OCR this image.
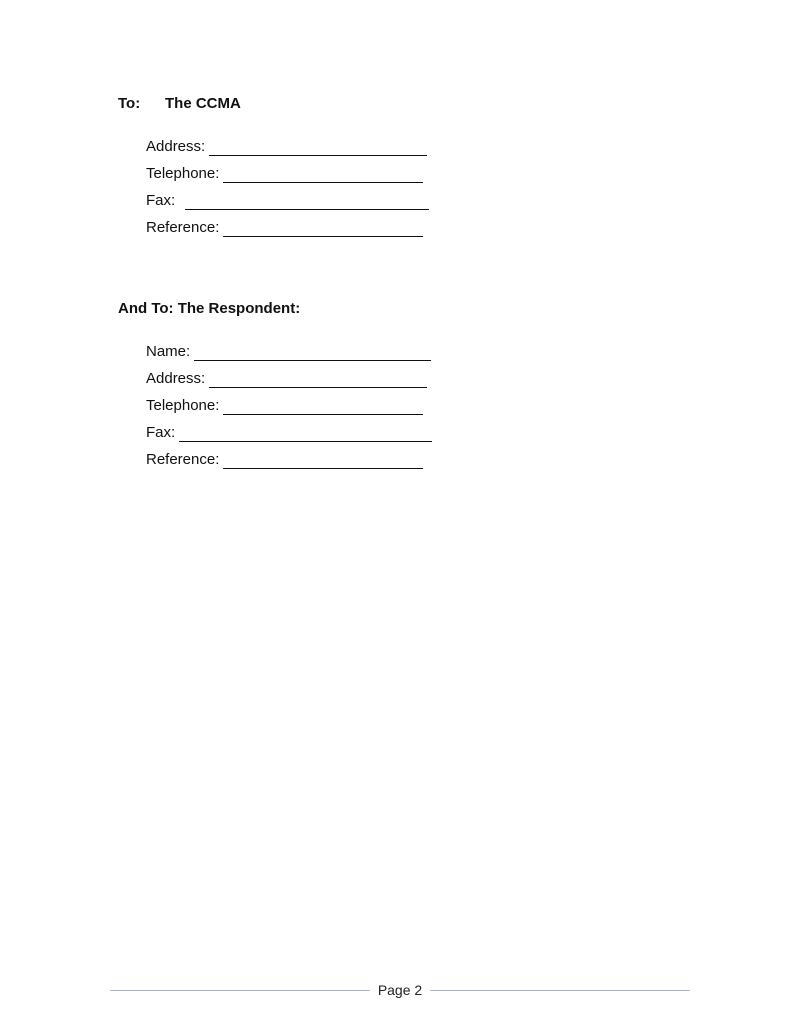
To: The CCMA
Address:
Telephone:
Fax:
Reference:
And To: The Respondent:
Name:
Address:
Telephone:
Fax:
Reference:
Page 2
